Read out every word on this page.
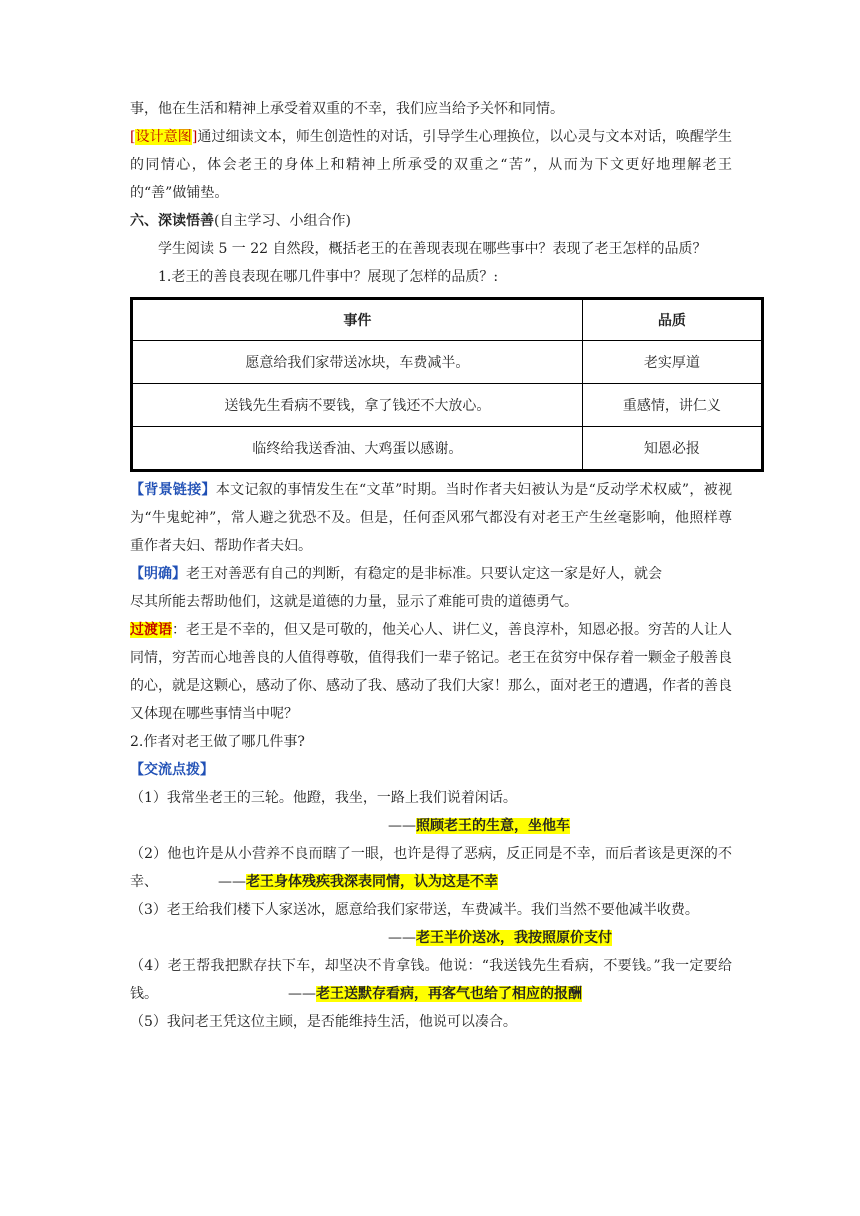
事，他在生活和精神上承受着双重的不幸，我们应当给予关怀和同情。

[设计意图]通过细读文本，师生创造性的对话，引导学生心理换位，以心灵与文本对话，唤醒学生的同情心，体会老王的身体上和精神上所承受的双重之“苦”，从而为下文更好地理解老王的“善”做铺垫。

六、深读悟善(自主学习、小组合作)

学生阅读 5 一 22 自然段，概括老王的在善现表现在哪些事中？表现了老王怎样的品质？

1.老王的善良表现在哪几件事中？展现了怎样的品质？:

事件	品质
愿意给我们家带送冰块，车费减半。	老实厚道
送钱先生看病不要钱，拿了钱还不大放心。	重感情，讲仁义
临终给我送香油、大鸡蛋以感谢。	知恩必报

【背景链接】本文记叙的事情发生在“文革”时期。当时作者夫妇被认为是“反动学术权威”，被视为“牛鬼蛇神”，常人避之犹恐不及。但是，任何歪风邪气都没有对老王产生丝毫影响，他照样尊重作者夫妇、帮助作者夫妇。

【明确】老王对善恶有自己的判断，有稳定的是非标准。只要认定这一家是好人，就会

尽其所能去帮助他们，这就是道德的力量，显示了难能可贵的道德勇气。

过渡语：老王是不幸的，但又是可敬的，他关心人、讲仁义，善良淳朴，知恩必报。穷苦的人让人同情，穷苦而心地善良的人值得尊敬，值得我们一辈子铭记。老王在贫穷中保存着一颗金子般善良的心，就是这颗心，感动了你、感动了我、感动了我们大家！那么，面对老王的遭遇，作者的善良又体现在哪些事情当中呢？

2.作者对老王做了哪几件事?

【交流点拨】

（1）我常坐老王的三轮。他蹬，我坐，一路上我们说着闲话。

——照顾老王的生意，坐他车

（2）他也许是从小营养不良而瞎了一眼，也许是得了恶病，反正同是不幸，而后者该是更深的不幸、	——老王身体残疾我深表同情，认为这是不幸

（3）老王给我们楼下人家送冰，愿意给我们家带送，车费减半。我们当然不要他减半收费。

——老王半价送冰，我按照原价支付

（4）老王帮我把默存扶下车，却坚决不肯拿钱。他说：“我送钱先生看病，不要钱。”我一定要给钱。	——老王送默存看病，再客气也给了相应的报酬

（5）我问老王凭这位主顾，是否能维持生活，他说可以凑合。
